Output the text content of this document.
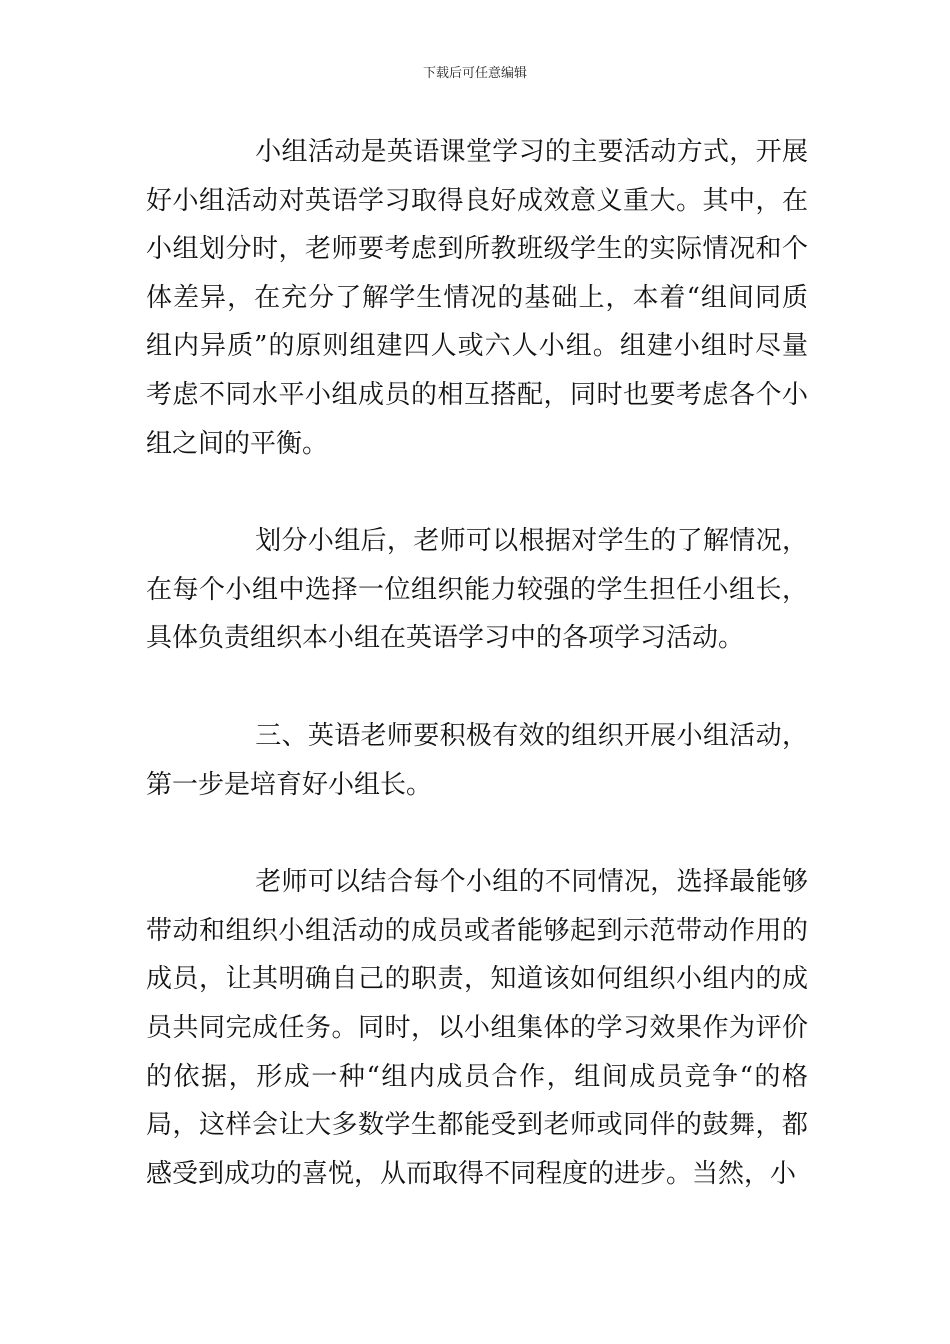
下载后可任意编辑

小组活动是英语课堂学习的主要活动方式，开展好小组活动对英语学习取得良好成效意义重大。其中，在小组划分时，老师要考虑到所教班级学生的实际情况和个体差异，在充分了解学生情况的基础上，本着“组间同质组内异质”的原则组建四人或六人小组。组建小组时尽量考虑不同水平小组成员的相互搭配，同时也要考虑各个小组之间的平衡。

划分小组后，老师可以根据对学生的了解情况，在每个小组中选择一位组织能力较强的学生担任小组长，具体负责组织本小组在英语学习中的各项学习活动。

三、英语老师要积极有效的组织开展小组活动，第一步是培育好小组长。

老师可以结合每个小组的不同情况，选择最能够带动和组织小组活动的成员或者能够起到示范带动作用的成员，让其明确自己的职责，知道该如何组织小组内的成员共同完成任务。同时，以小组集体的学习效果作为评价的依据，形成一种“组内成员合作，组间成员竞争“的格局，这样会让大多数学生都能受到老师或同伴的鼓舞，都感受到成功的喜悦，从而取得不同程度的进步。当然，小
